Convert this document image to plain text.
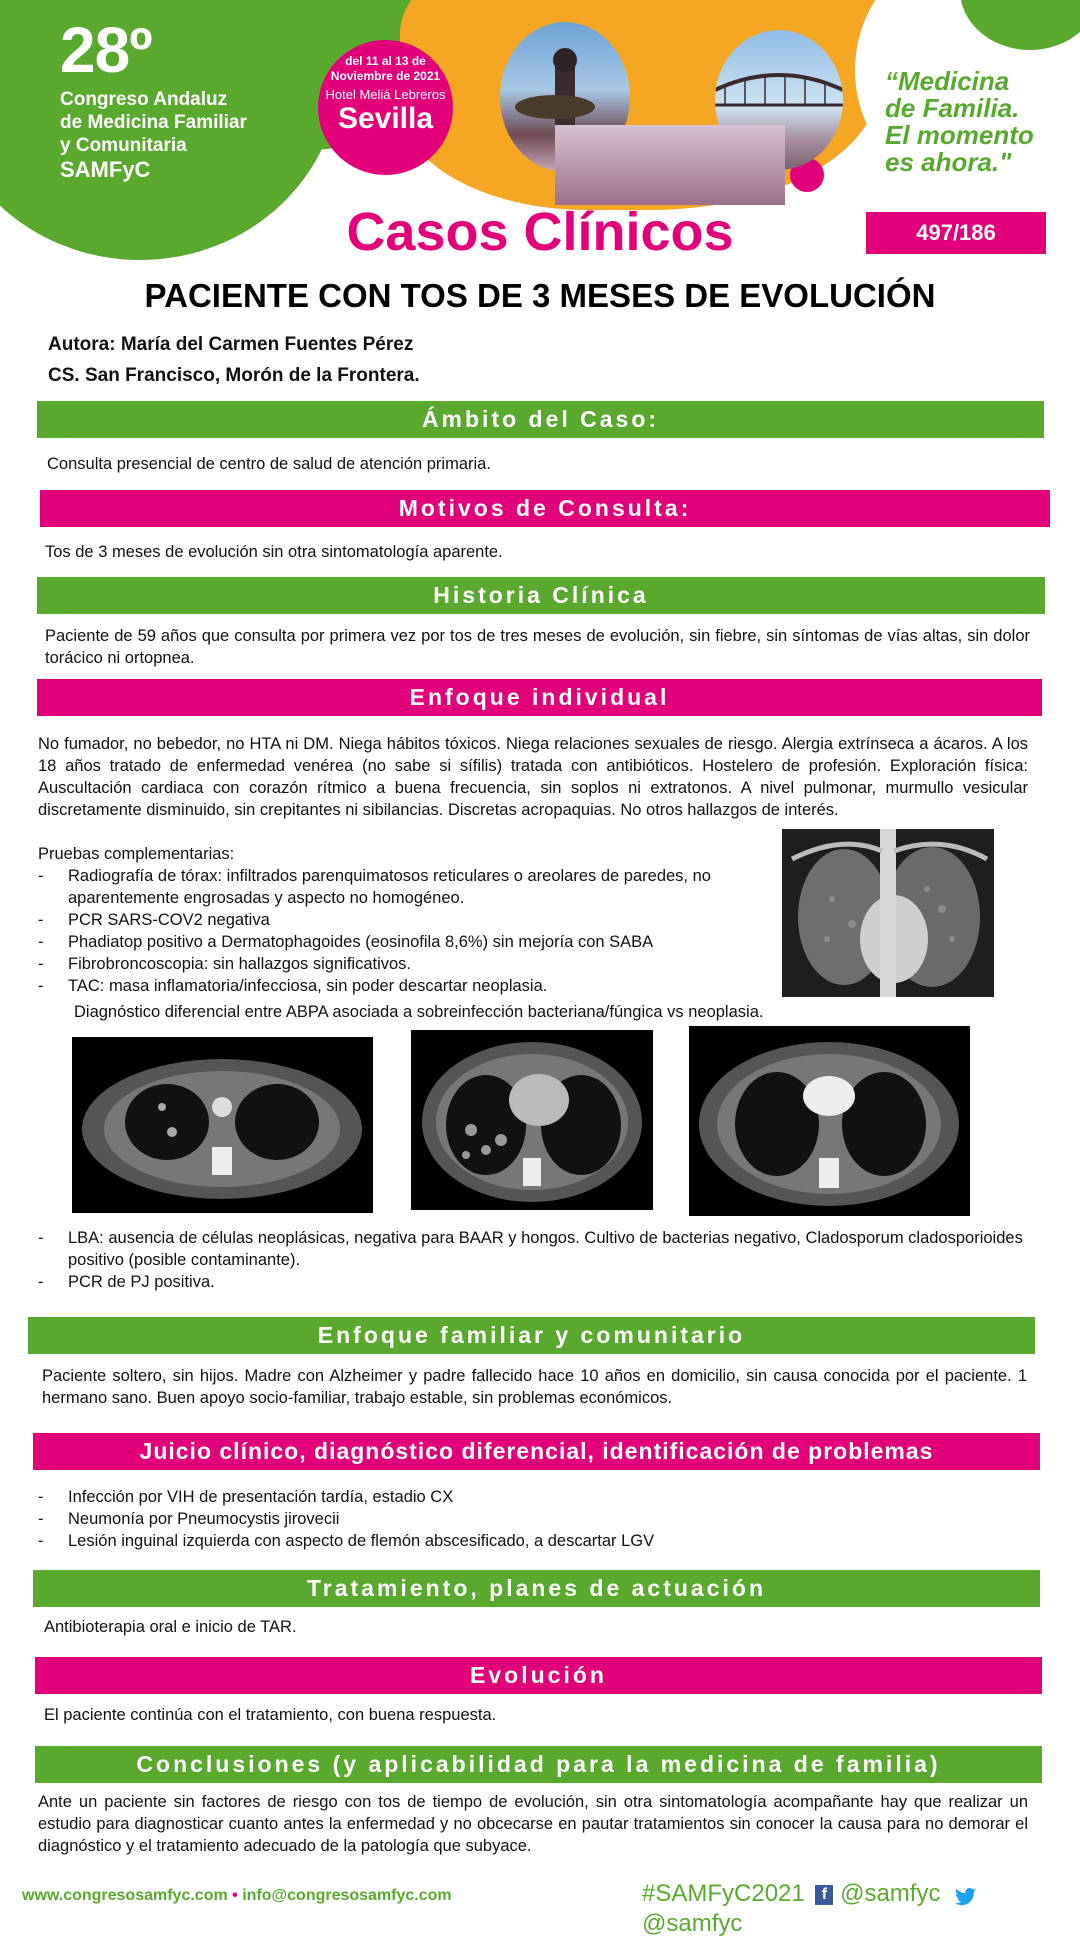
28º
Congreso Andaluz
de Medicina Familiar
y Comunitaria
SAMFyC
del 11 al 13 de
Noviembre de 2021
Hotel Meliá Lebreros
Sevilla
“Medicina
de Familia.
El momento
es ahora."
Casos Clínicos	497/186
PACIENTE CON TOS DE 3 MESES DE EVOLUCIÓN
Autora: María del Carmen Fuentes Pérez
CS. San Francisco, Morón de la Frontera.
Ámbito del Caso:
Consulta presencial de centro de salud de atención primaria.
Motivos de Consulta:
Tos de 3 meses de evolución sin otra sintomatología aparente.
Historia Clínica
Paciente de 59 años que consulta por primera vez por tos de tres meses de evolución, sin fiebre, sin síntomas de vías altas, sin dolor torácico ni ortopnea.
Enfoque individual
No fumador, no bebedor, no HTA ni DM. Niega hábitos tóxicos. Niega relaciones sexuales de riesgo. Alergia extrínseca a ácaros. A los 18 años tratado de enfermedad venérea (no sabe si sífilis) tratada con antibióticos. Hostelero de profesión. Exploración física: Auscultación cardiaca con corazón rítmico a buena frecuencia, sin soplos ni extratonos. A nivel pulmonar, murmullo vesicular discretamente disminuido, sin crepitantes ni sibilancias. Discretas acropaquias. No otros hallazgos de interés.
Pruebas complementarias:
- Radiografía de tórax: infiltrados parenquimatosos reticulares o areolares de paredes, no aparentemente engrosadas y aspecto no homogéneo.
- PCR SARS-COV2 negativa
- Phadiatop positivo a Dermatophagoides (eosinofila 8,6%) sin mejoría con SABA
- Fibrobroncoscopia: sin hallazgos significativos.
- TAC: masa inflamatoria/infecciosa, sin poder descartar neoplasia.
Diagnóstico diferencial entre ABPA asociada a sobreinfección bacteriana/fúngica vs neoplasia.
- LBA: ausencia de células neoplásicas, negativa para BAAR y hongos. Cultivo de bacterias negativo, Cladosporum cladosporioides positivo (posible contaminante).
- PCR de PJ positiva.
Enfoque familiar y comunitario
Paciente soltero, sin hijos. Madre con Alzheimer y padre fallecido hace 10 años en domicilio, sin causa conocida por el paciente. 1 hermano sano. Buen apoyo socio-familiar, trabajo estable, sin problemas económicos.
Juicio clínico, diagnóstico diferencial, identificación de problemas
- Infección por VIH de presentación tardía, estadio CX
- Neumonía por Pneumocystis jirovecii
- Lesión inguinal izquierda con aspecto de flemón abscesificado, a descartar LGV
Tratamiento, planes de actuación
Antibioterapia oral e inicio de TAR.
Evolución
El paciente continúa con el tratamiento, con buena respuesta.
Conclusiones (y aplicabilidad para la medicina de familia)
Ante un paciente sin factores de riesgo con tos de tiempo de evolución, sin otra sintomatología acompañante hay que realizar un estudio para diagnosticar cuanto antes la enfermedad y no obcecarse en pautar tratamientos sin conocer la causa para no demorar el diagnóstico y el tratamiento adecuado de la patología que subyace.
www.congresosamfyc.com • info@congresosamfyc.com	#SAMFyC2021 f @samfyc  @samfyc
